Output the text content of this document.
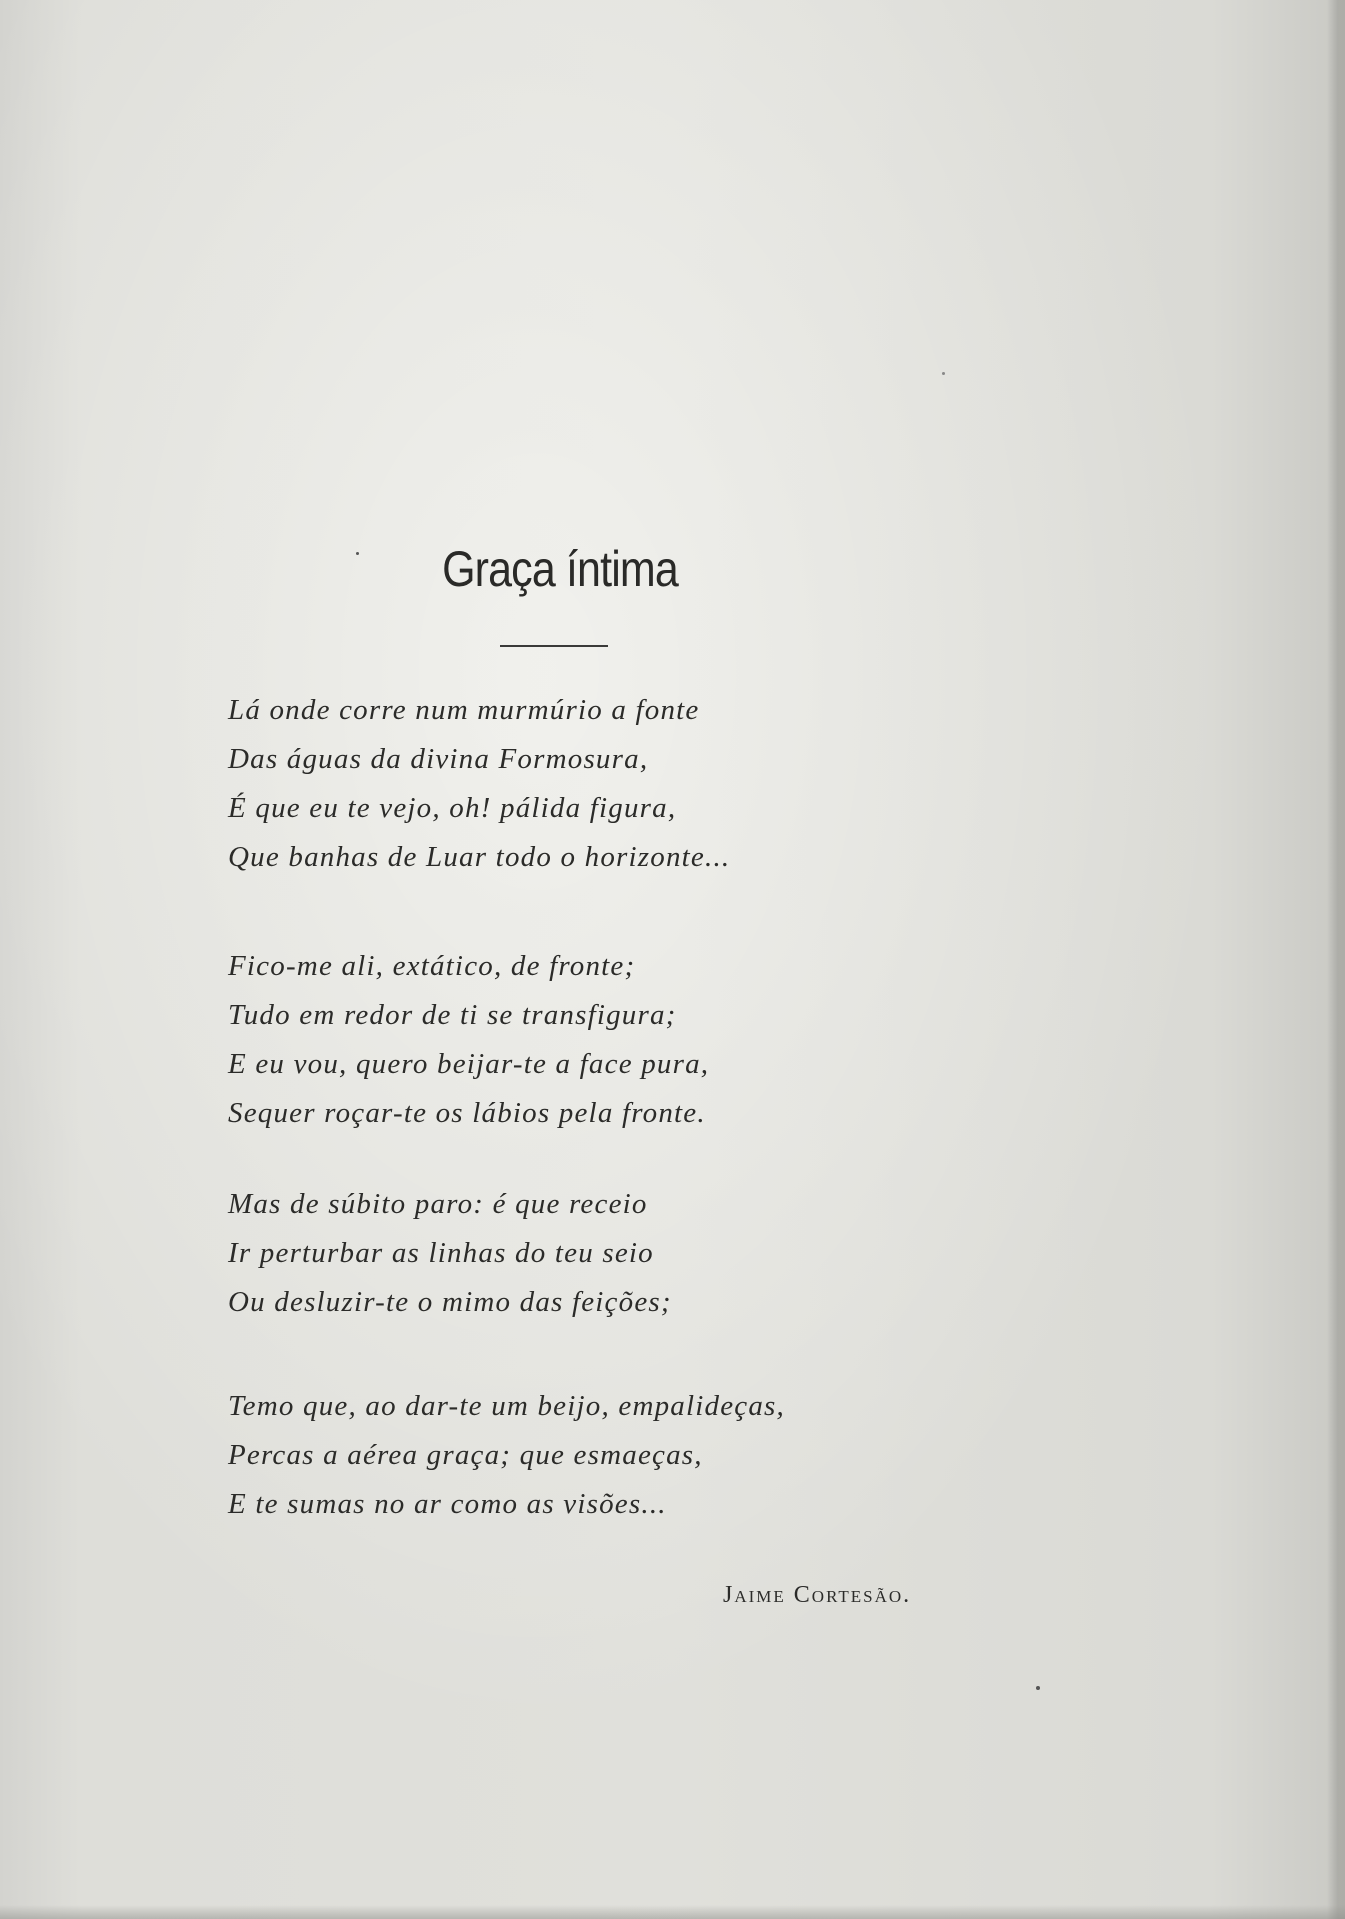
Graça íntima
Lá onde corre num murmúrio a fonte
Das águas da divina Formosura,
É que eu te vejo, oh! pálida figura,
Que banhas de Luar todo o horizonte...
Fico-me ali, extático, de fronte;
Tudo em redor de ti se transfigura;
E eu vou, quero beijar-te a face pura,
Sequer roçar-te os lábios pela fronte.
Mas de súbito paro: é que receio
Ir perturbar as linhas do teu seio
Ou desluzir-te o mimo das feições;
Temo que, ao dar-te um beijo, empalideças,
Percas a aérea graça; que esmaeças,
E te sumas no ar como as visões...
Jaime Cortesão.
